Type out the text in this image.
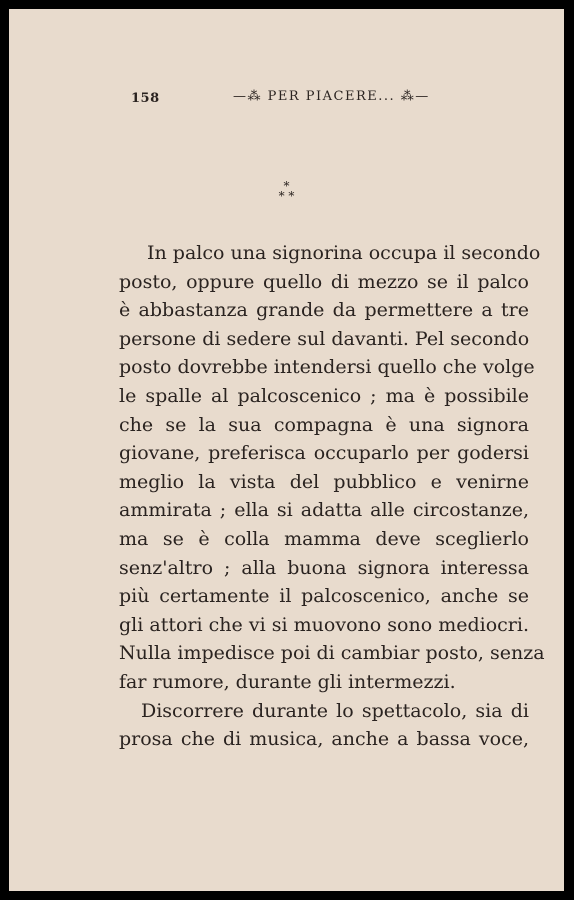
158	—⁂ PER PIACERE... ⁂—
*
* *
In palco una signorina occupa il secondo
posto, oppure quello di mezzo se il palco
è abbastanza grande da permettere a tre
persone di sedere sul davanti. Pel secondo
posto dovrebbe intendersi quello che volge
le spalle al palcoscenico ; ma è possibile
che se la sua compagna è una signora
giovane, preferisca occuparlo per godersi
meglio la vista del pubblico e venirne
ammirata ; ella si adatta alle circostanze,
ma se è colla mamma deve sceglierlo
senz'altro ; alla buona signora interessa
più certamente il palcoscenico, anche se
gli attori che vi si muovono sono mediocri.
Nulla impedisce poi di cambiar posto, senza
far rumore, durante gli intermezzi.
Discorrere durante lo spettacolo, sia di
prosa che di musica, anche a bassa voce,
